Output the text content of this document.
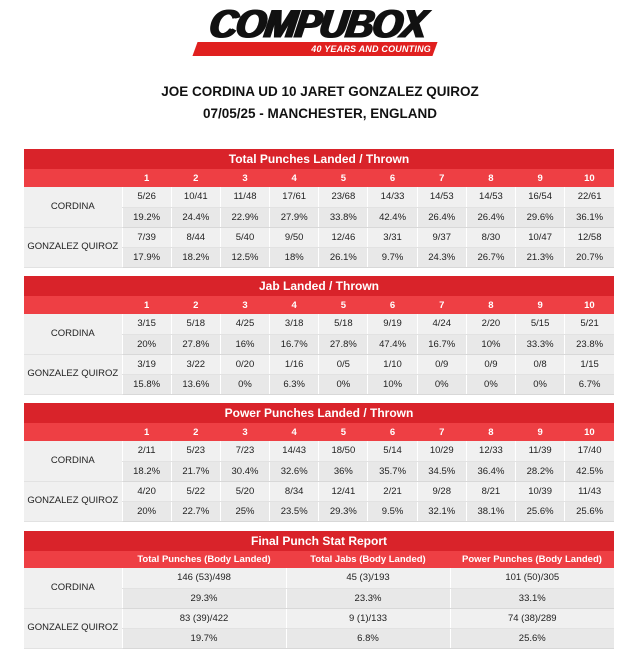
COMPUBOX
40 YEARS AND COUNTING
JOE CORDINA UD 10 JARET GONZALEZ QUIROZ
07/05/25 - MANCHESTER, ENGLAND
Total Punches Landed / Thrown
	1	2	3	4	5	6	7	8	9	10
CORDINA	5/26	10/41	11/48	17/61	23/68	14/33	14/53	14/53	16/54	22/61
	19.2%	24.4%	22.9%	27.9%	33.8%	42.4%	26.4%	26.4%	29.6%	36.1%
GONZALEZ QUIROZ	7/39	8/44	5/40	9/50	12/46	3/31	9/37	8/30	10/47	12/58
	17.9%	18.2%	12.5%	18%	26.1%	9.7%	24.3%	26.7%	21.3%	20.7%
Jab Landed / Thrown
	1	2	3	4	5	6	7	8	9	10
CORDINA	3/15	5/18	4/25	3/18	5/18	9/19	4/24	2/20	5/15	5/21
	20%	27.8%	16%	16.7%	27.8%	47.4%	16.7%	10%	33.3%	23.8%
GONZALEZ QUIROZ	3/19	3/22	0/20	1/16	0/5	1/10	0/9	0/9	0/8	1/15
	15.8%	13.6%	0%	6.3%	0%	10%	0%	0%	0%	6.7%
Power Punches Landed / Thrown
	1	2	3	4	5	6	7	8	9	10
CORDINA	2/11	5/23	7/23	14/43	18/50	5/14	10/29	12/33	11/39	17/40
	18.2%	21.7%	30.4%	32.6%	36%	35.7%	34.5%	36.4%	28.2%	42.5%
GONZALEZ QUIROZ	4/20	5/22	5/20	8/34	12/41	2/21	9/28	8/21	10/39	11/43
	20%	22.7%	25%	23.5%	29.3%	9.5%	32.1%	38.1%	25.6%	25.6%
Final Punch Stat Report
	Total Punches (Body Landed)	Total Jabs (Body Landed)	Power Punches (Body Landed)
CORDINA	146 (53)/498	45 (3)/193	101 (50)/305
	29.3%	23.3%	33.1%
GONZALEZ QUIROZ	83 (39)/422	9 (1)/133	74 (38)/289
	19.7%	6.8%	25.6%
